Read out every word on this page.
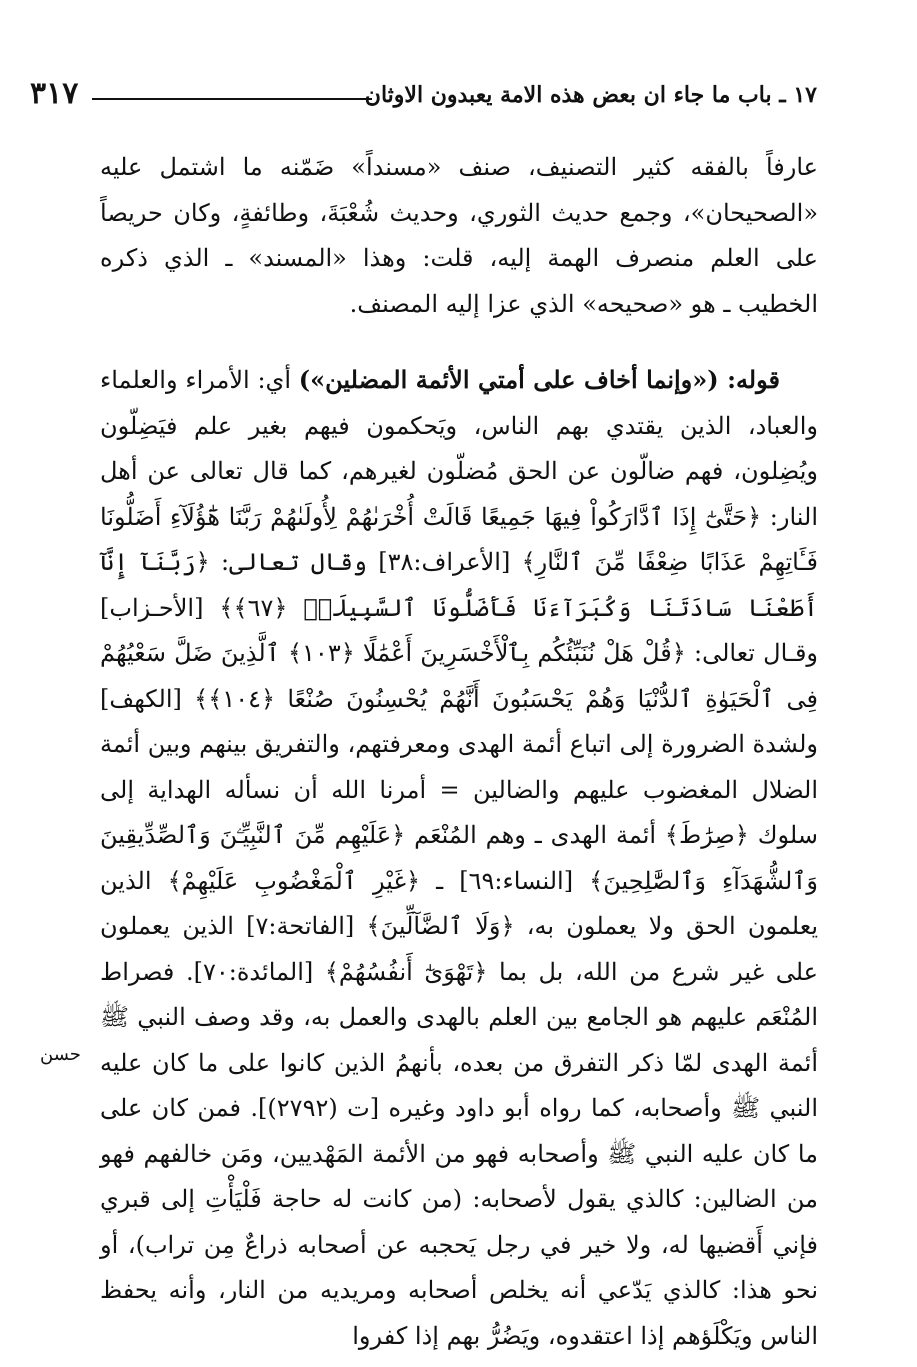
١٧ ـ باب ما جاء ان بعض هذه الامة يعبدون الاوثان
٣١٧

عارفاً بالفقه كثير التصنيف، صنف «مسنداً» ضَمّنه ما اشتمل عليه «الصحيحان»، وجمع حديث الثوري، وحديث شُعْبَةَ، وطائفةٍ، وكان حريصاً على العلم منصرف الهمة إليه، قلت: وهذا «المسند» ـ الذي ذكره الخطيب ـ هو «صحيحه» الذي عزا إليه المصنف.

قوله: («وإنما أخاف على أمتي الأئمة المضلين») أي: الأمراء والعلماء والعباد، الذين يقتدي بهم الناس، ويَحكمون فيهم بغير علم فيَضِلّون ويُضِلون، فهم ضالّون عن الحق مُضلّون لغيرهم، كما قال تعالى عن أهل النار: ﴿حَتَّىٰٓ إِذَا ٱدَّارَكُواْ فِيهَا جَمِيعًا قَالَتْ أُخْرَىٰهُمْ لِأُولَىٰهُمْ رَبَّنَا هَٰٓؤُلَآءِ أَضَلُّونَا فَـَٔاتِهِمْ عَذَابًا ضِعْفًا مِّنَ ٱلنَّارِ﴾ [الأعراف:٣٨] وقال تعالى: ﴿رَبَّنَآ إِنَّآ أَطَعْنَا سَادَتَنَا وَكُبَرَآءَنَا فَأَضَلُّونَا ٱلسَّبِيلَا۠ ﴿٦٧﴾﴾ [الأحـزاب] وقـال تعالى: ﴿قُلْ هَلْ نُنَبِّئُكُم بِٱلْأَخْسَرِينَ أَعْمَٰلًا ﴿١٠٣﴾ ٱلَّذِينَ ضَلَّ سَعْيُهُمْ فِى ٱلْحَيَوٰةِ ٱلدُّنْيَا وَهُمْ يَحْسَبُونَ أَنَّهُمْ يُحْسِنُونَ صُنْعًا ﴿١٠٤﴾﴾ [الكهف] ولشدة الضرورة إلى اتباع أئمة الهدى ومعرفتهم، والتفريق بينهم وبين أئمة الضلال المغضوب عليهم والضالين = أمرنا الله أن نسأله الهداية إلى سلوك ﴿صِرَٰطَ﴾ أئمة الهدى ـ وهم المُنْعَم ﴿عَلَيْهِم مِّنَ ٱلنَّبِيِّـۧنَ وَٱلصِّدِّيقِينَ وَٱلشُّهَدَآءِ وَٱلصَّٰلِحِينَ﴾ [النساء:٦٩] ـ ﴿غَيْرِ ٱلْمَغْضُوبِ عَلَيْهِمْ﴾ الذين يعلمون الحق ولا يعملون به، ﴿وَلَا ٱلضَّآلِّينَ﴾ [الفاتحة:٧] الذين يعملون على غير شرع من الله، بل بما ﴿تَهْوَىٰٓ أَنفُسُهُمْ﴾ [المائدة:٧٠]. فصراط المُنْعَم عليهم هو الجامع بين العلم بالهدى والعمل به، وقد وصف النبي ﷺ أئمة الهدى لمّا ذكر التفرق من بعده، بأنهمُ الذين كانوا على ما كان عليه النبي ﷺ وأصحابه، كما رواه أبو داود وغيره [ت (٢٧٩٢)]. فمن كان على ما كان عليه النبي ﷺ وأصحابه فهو من الأئمة المَهْديين، ومَن خالفهم فهو من الضالين: كالذي يقول لأصحابه: (من كانت له حاجة فَلْيَأْتِ إلى قبري فإني أَقضيها له، ولا خير في رجل يَحجبه عن أصحابه ذراعٌ مِن تراب)، أو نحو هذا: كالذي يَدّعي أنه يخلص أصحابه ومريديه من النار، وأنه يحفظ الناس ويَكْلَؤهم إذا اعتقدوه، ويَضُرُّ بهم إذا كفروا

حسن
